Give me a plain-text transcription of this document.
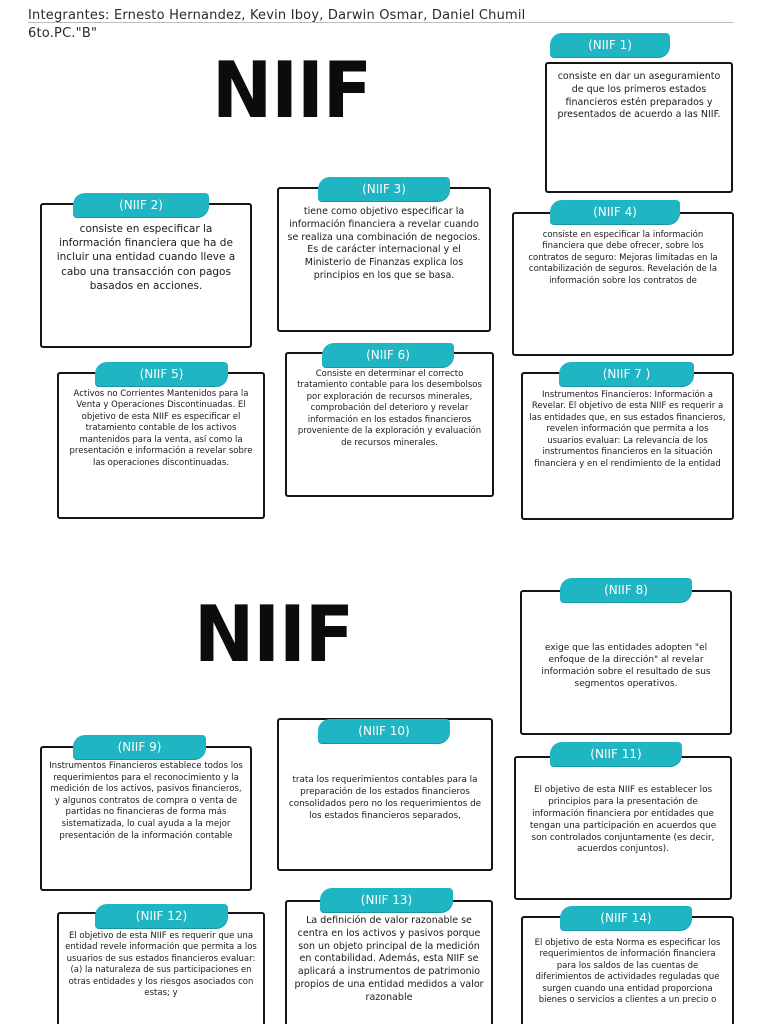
Integrantes: Ernesto Hernandez, Kevin Iboy, Darwin Osmar, Daniel Chumil
6to.PC."B"
NIIF
NIIF

consiste en dar un aseguramiento de que los primeros estados financieros estén preparados y presentados de acuerdo a las NIIF.

(NIIF 1)

consiste en especificar la información financiera que ha de incluir una entidad cuando lleve a cabo una transacción con pagos basados en acciones.

(NIIF 2)	tiene como objetivo especificar la información financiera a revelar cuando se realiza una combinación de negocios. Es de carácter internacional y el Ministerio de Finanzas explica los principios en los que se basa.

(NIIF 3)

consiste en especificar la información financiera que debe ofrecer, sobre los contratos de seguro: Mejoras limitadas en la contabilización de seguros. Revelación de la información sobre los contratos de

(NIIF 4)

Activos no Corrientes Mantenidos para la Venta y Operaciones Discontinuadas. El objetivo de esta NIIF es especificar el tratamiento contable de los activos mantenidos para la venta, así como la presentación e información a revelar sobre las operaciones discontinuadas.

(NIIF 5)	Consiste en determinar el correcto tratamiento contable para los desembolsos por exploración de recursos minerales, comprobación del deterioro y revelar información en los estados financieros proveniente de la exploración y evaluación de recursos minerales.

(NIIF 6)

Instrumentos Financieros: Información a Revelar. El objetivo de esta NIIF es requerir a las entidades que, en sus estados financieros, revelen información que permita a los usuarios evaluar: La relevancia de los instrumentos financieros en la situación financiera y en el rendimiento de la entidad

(NIIF 7 )

exige que las entidades adopten "el enfoque de la dirección" al revelar información sobre el resultado de sus segmentos operativos.

(NIIF 8)

Instrumentos Financieros establece todos los requerimientos para el reconocimiento y la medición de los activos, pasivos financieros, y algunos contratos de compra o venta de partidas no financieras de forma más sistematizada, lo cual ayuda a la mejor presentación de la información contable

(NIIF 9)

trata los requerimientos contables para la preparación de los estados financieros consolidados pero no los requerimientos de los estados financieros separados,

(NIIF 10)

El objetivo de esta NIIF es establecer los principios para la presentación de información financiera por entidades que tengan una participación en acuerdos que son controlados conjuntamente (es decir, acuerdos conjuntos).

(NIIF 11)

El objetivo de esta NIIF es requerir que una entidad revele información que permita a los usuarios de sus estados financieros evaluar: (a) la naturaleza de sus participaciones en otras entidades y los riesgos asociados con estas; y

(NIIF 12)	La definición de valor razonable se centra en los activos y pasivos porque son un objeto principal de la medición en contabilidad. Además, esta NIIF se aplicará a instrumentos de patrimonio propios de una entidad medidos a valor razonable

(NIIF 13)

El objetivo de esta Norma es especificar los requerimientos de información financiera para los saldos de las cuentas de diferimientos de actividades reguladas que surgen cuando una entidad proporciona bienes o servicios a clientes a un precio o

(NIIF 14)
